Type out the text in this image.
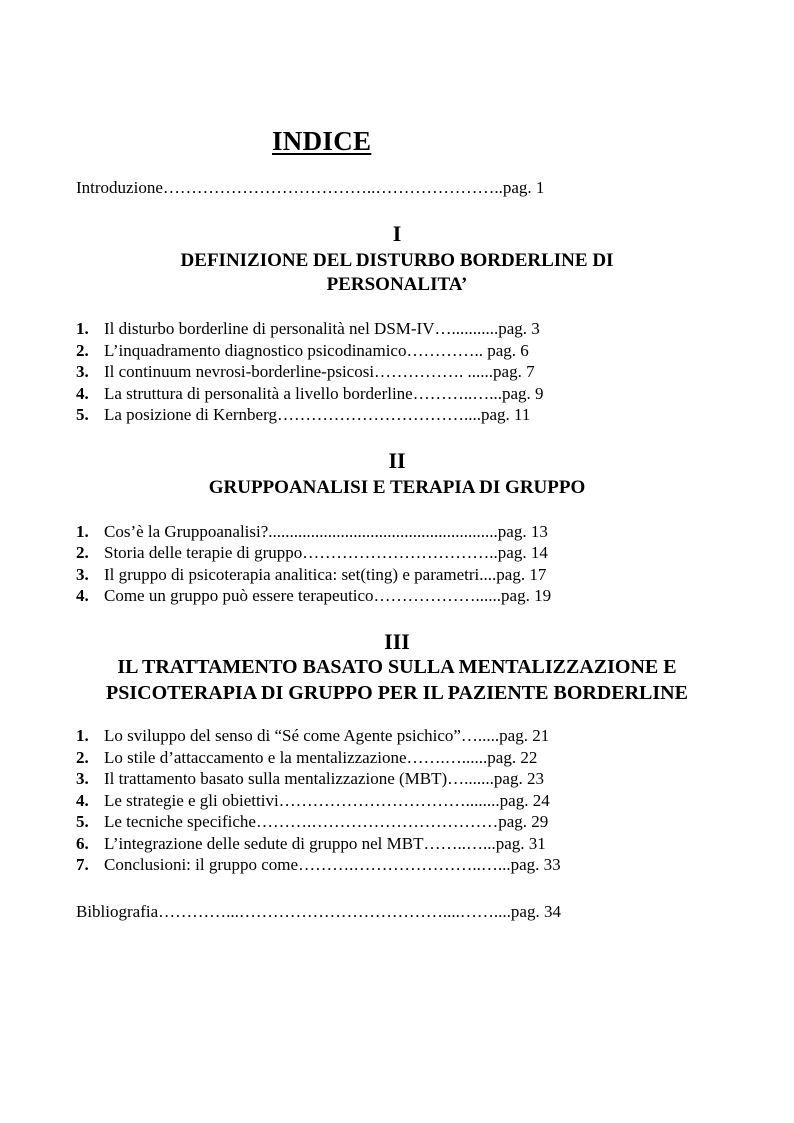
INDICE
Introduzione………………………………..…………………..pag. 1
I
DEFINIZIONE DEL DISTURBO BORDERLINE DI
PERSONALITA’
1. Il disturbo borderline di personalità nel DSM-IV…...........pag. 3
2. L’inquadramento diagnostico psicodinamico………….. pag. 6
3. Il continuum nevrosi-borderline-psicosi……………. ......pag. 7
4. La struttura di personalità a livello borderline………..…...pag. 9
5. La posizione di Kernberg……………………………....pag. 11
II
GRUPPOANALISI E TERAPIA DI GRUPPO
1. Cos’è la Gruppoanalisi?......................................................pag. 13
2. Storia delle terapie di gruppo……………………………..pag. 14
3. Il gruppo di psicoterapia analitica: set(ting) e parametri....pag. 17
4. Come un gruppo può essere terapeutico………………......pag. 19
III
IL TRATTAMENTO BASATO SULLA MENTALIZZAZIONE E
PSICOTERAPIA DI GRUPPO PER IL PAZIENTE BORDERLINE
1. Lo sviluppo del senso di “Sé come Agente psichico”….....pag. 21
2. Lo stile d’attaccamento e la mentalizzazione…….…......pag. 22
3. Il trattamento basato sulla mentalizzazione (MBT)….......pag. 23
4. Le strategie e gli obiettivi……………………………........pag. 24
5. Le tecniche specifiche……….……………………………pag. 29
6. L’integrazione delle sedute di gruppo nel MBT……..…...pag. 31
7. Conclusioni: il gruppo come……….…………………..…...pag. 33
Bibliografia…………...………………………………....……....pag. 34
